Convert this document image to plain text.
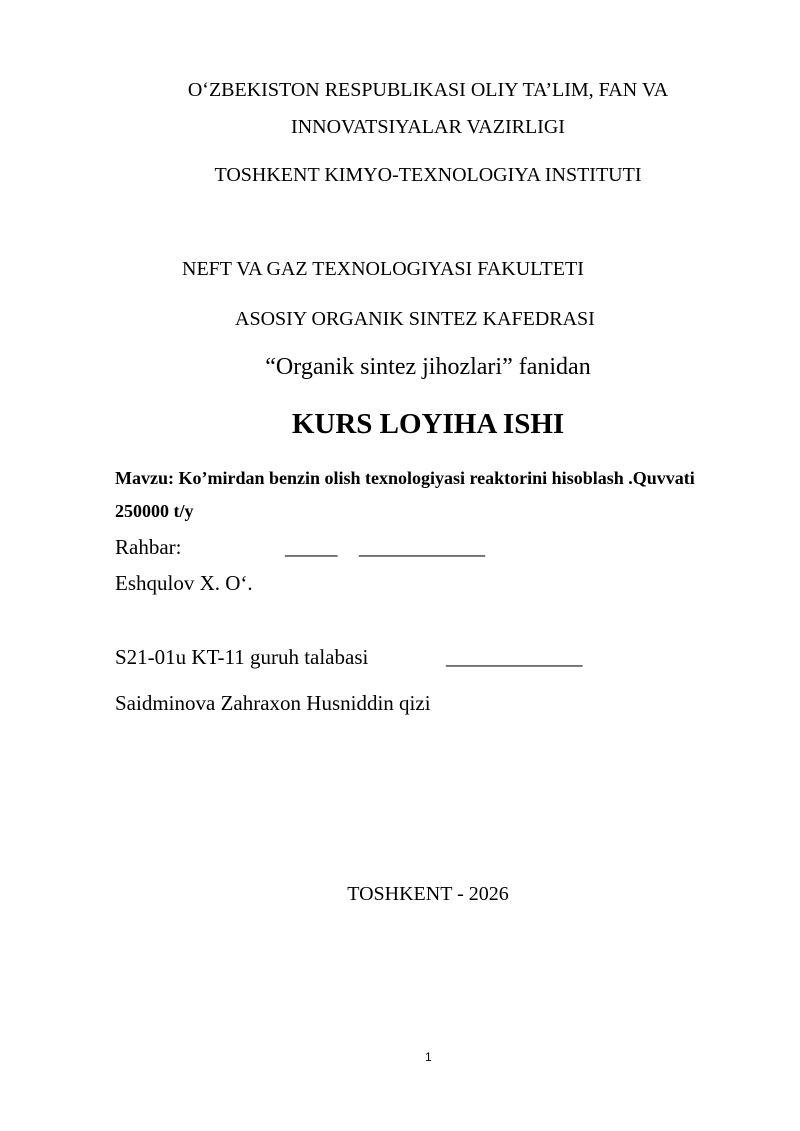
O‘ZBEKISTON RESPUBLIKASI OLIY TA’LIM, FAN VA
INNOVATSIYALAR VAZIRLIGI
TOSHKENT KIMYO-TEXNOLOGIYA INSTITUTI
NEFT VA GAZ TEXNOLOGIYASI FAKULTETI
ASOSIY ORGANIK SINTEZ KAFEDRASI
“Organik sintez jihozlari” fanidan
KURS LOYIHA ISHI
Mavzu: Ko’mirdan benzin olish texnologiyasi reaktorini hisoblash .Quvvati
250000 t/y
Rahbar:	_____ ____________
Eshqulov X. O‘.
S21-01u KT-11 guruh talabasi	_____________
Saidminova Zahraxon Husniddin qizi
TOSHKENT - 2026
1
